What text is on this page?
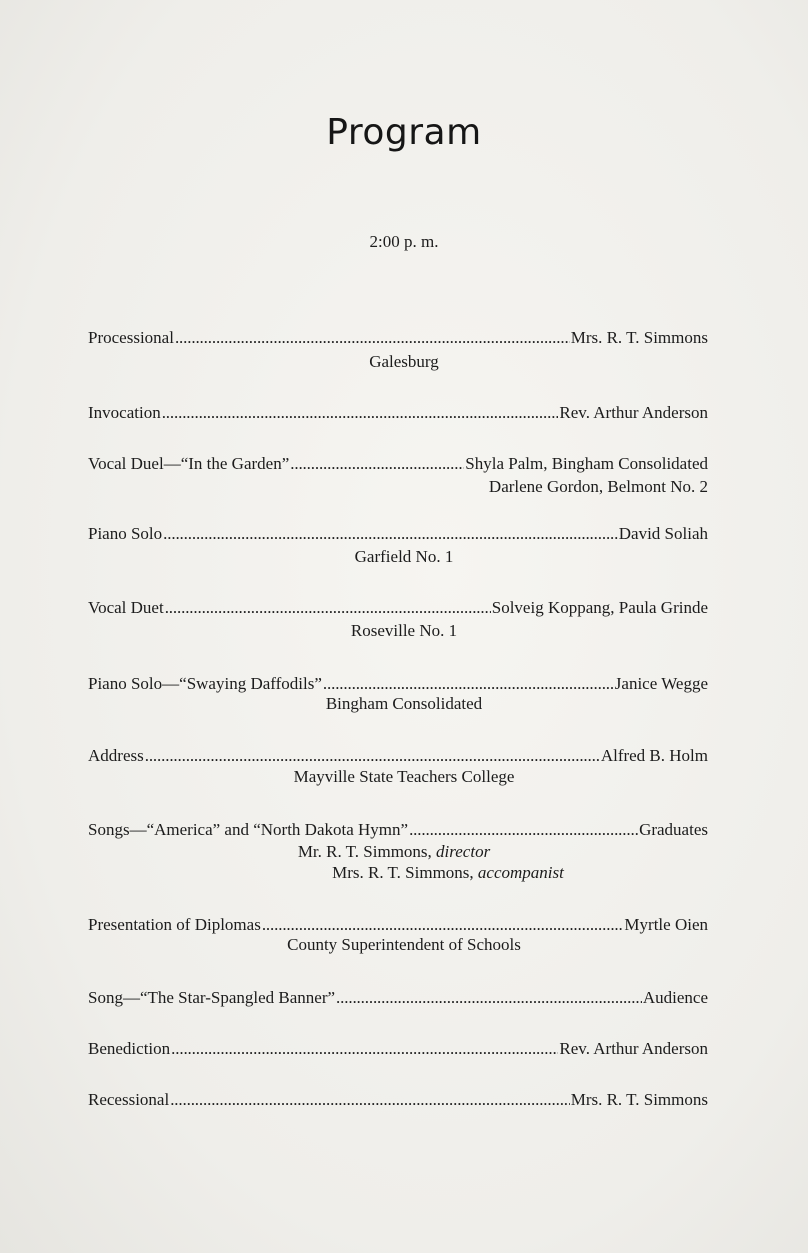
Program
2:00 p. m.
Processional . . .	Mrs. R. T. Simmons
Galesburg
Invocation . . .	Rev. Arthur Anderson
Vocal Duel—“In the Garden” . . .	Shyla Palm, Bingham Consolidated
Darlene Gordon, Belmont No. 2
Piano Solo . . .	David Soliah
Garfield No. 1
Vocal Duet . . .	Solveig Koppang, Paula Grinde
Roseville No. 1
Piano Solo—“Swaying Daffodils” . . .	Janice Wegge
Bingham Consolidated
Address . . .	Alfred B. Holm
Mayville State Teachers College
Songs—“America” and “North Dakota Hymn” . . .	Graduates
Mr. R. T. Simmons, director
Mrs. R. T. Simmons, accompanist
Presentation of Diplomas . . .	Myrtle Oien
County Superintendent of Schools
Song—“The Star-Spangled Banner” . . .	Audience
Benediction . . .	Rev. Arthur Anderson
Recessional . . .	Mrs. R. T. Simmons
